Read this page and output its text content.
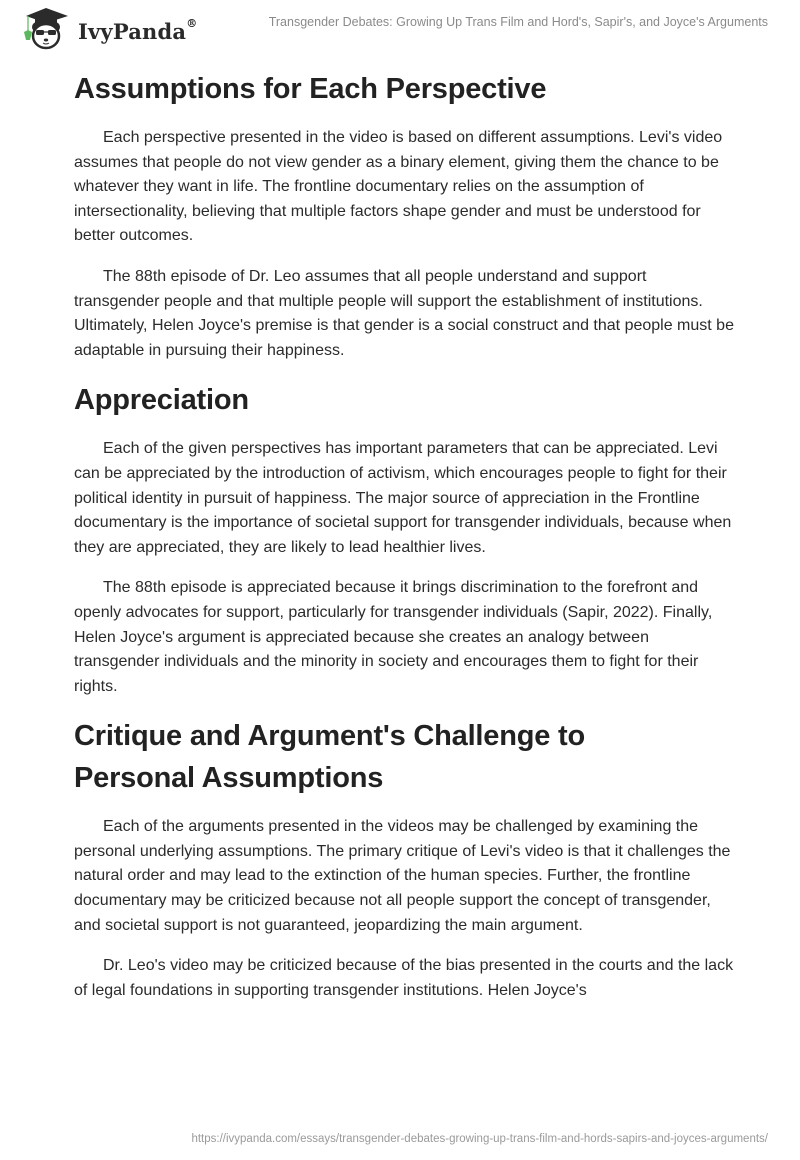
IvyPanda®	Transgender Debates: Growing Up Trans Film and Hord's, Sapir's, and Joyce's Arguments
Assumptions for Each Perspective

Each perspective presented in the video is based on different assumptions. Levi's video assumes that people do not view gender as a binary element, giving them the chance to be whatever they want in life. The frontline documentary relies on the assumption of intersectionality, believing that multiple factors shape gender and must be understood for better outcomes.

The 88th episode of Dr. Leo assumes that all people understand and support transgender people and that multiple people will support the establishment of institutions. Ultimately, Helen Joyce's premise is that gender is a social construct and that people must be adaptable in pursuing their happiness.

Appreciation

Each of the given perspectives has important parameters that can be appreciated. Levi can be appreciated by the introduction of activism, which encourages people to fight for their political identity in pursuit of happiness. The major source of appreciation in the Frontline documentary is the importance of societal support for transgender individuals, because when they are appreciated, they are likely to lead healthier lives.

The 88th episode is appreciated because it brings discrimination to the forefront and openly advocates for support, particularly for transgender individuals (Sapir, 2022). Finally, Helen Joyce's argument is appreciated because she creates an analogy between transgender individuals and the minority in society and encourages them to fight for their rights.

Critique and Argument's Challenge to Personal Assumptions

Each of the arguments presented in the videos may be challenged by examining the personal underlying assumptions. The primary critique of Levi's video is that it challenges the natural order and may lead to the extinction of the human species. Further, the frontline documentary may be criticized because not all people support the concept of transgender, and societal support is not guaranteed, jeopardizing the main argument.

Dr. Leo's video may be criticized because of the bias presented in the courts and the lack of legal foundations in supporting transgender institutions. Helen Joyce's

https://ivypanda.com/essays/transgender-debates-growing-up-trans-film-and-hords-sapirs-and-joyces-arguments/
